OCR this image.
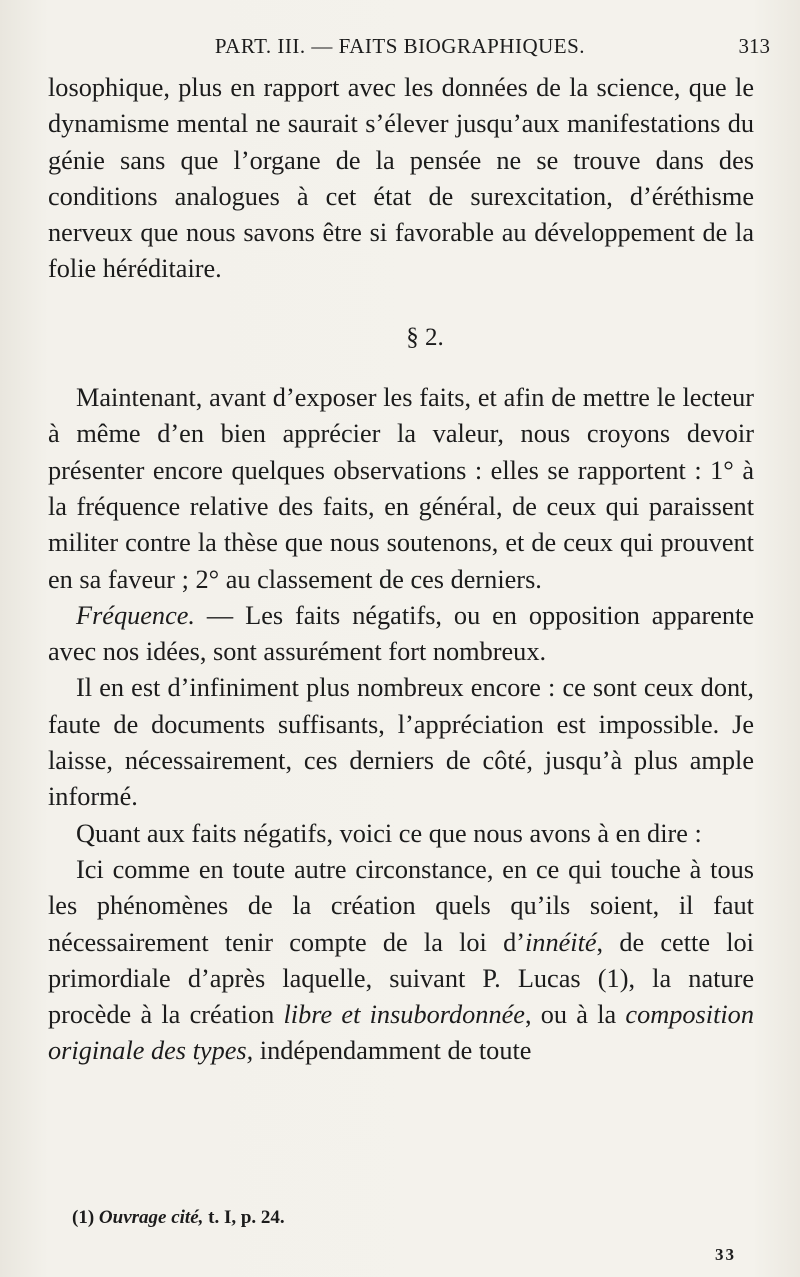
PART. III. — FAITS BIOGRAPHIQUES.	313

losophique, plus en rapport avec les données de la science, que le dynamisme mental ne saurait s’élever jusqu’aux manifestations du génie sans que l’organe de la pensée ne se trouve dans des conditions analogues à cet état de surexcitation, d’éréthisme nerveux que nous savons être si favorable au développement de la folie héréditaire.

§ 2.

Maintenant, avant d’exposer les faits, et afin de mettre le lecteur à même d’en bien apprécier la valeur, nous croyons devoir présenter encore quelques observations : elles se rapportent : 1° à la fréquence relative des faits, en général, de ceux qui paraissent militer contre la thèse que nous soutenons, et de ceux qui prouvent en sa faveur ; 2° au classement de ces derniers.

Fréquence. — Les faits négatifs, ou en opposition apparente avec nos idées, sont assurément fort nombreux.

Il en est d’infiniment plus nombreux encore : ce sont ceux dont, faute de documents suffisants, l’appréciation est impossible. Je laisse, nécessairement, ces derniers de côté, jusqu’à plus ample informé.

Quant aux faits négatifs, voici ce que nous avons à en dire :

Ici comme en toute autre circonstance, en ce qui touche à tous les phénomènes de la création quels qu’ils soient, il faut nécessairement tenir compte de la loi d’innéité, de cette loi primordiale d’après laquelle, suivant P. Lucas (1), la nature procède à la création libre et insubordonnée, ou à la composition originale des types, indépendamment de toute

(1) Ouvrage cité, t. I, p. 24.
33
